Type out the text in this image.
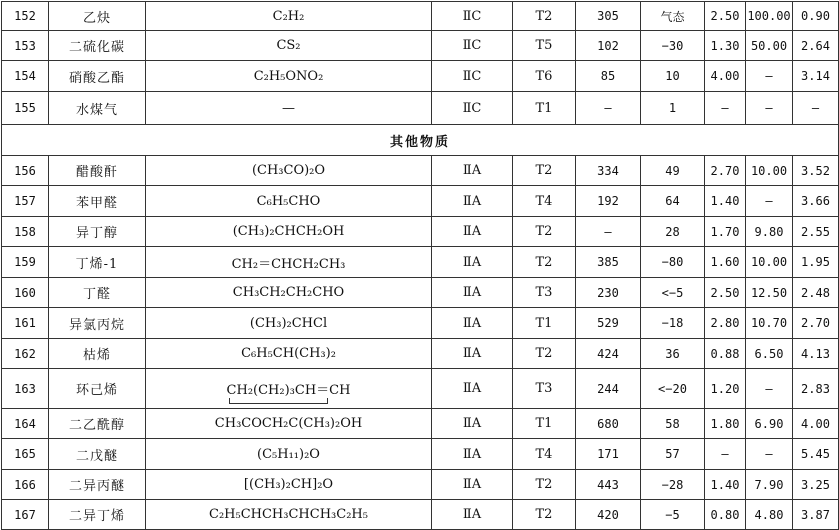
152	乙炔	C₂H₂	ⅡC	T2	305	气态	2.50	100.00	0.90
153	二硫化碳	CS₂	ⅡC	T5	102	−30	1.30	50.00	2.64
154	硝酸乙酯	C₂H₅ONO₂	ⅡC	T6	85	10	4.00	—	3.14
155	水煤气	—	ⅡC	T1	—	1	—	—	—
其他物质									
156	醋酸酐	(CH₃CO)₂O	ⅡA	T2	334	49	2.70	10.00	3.52
157	苯甲醛	C₆H₅CHO	ⅡA	T4	192	64	1.40	—	3.66
158	异丁醇	(CH₃)₂CHCH₂OH	ⅡA	T2	—	28	1.70	9.80	2.55
159	丁烯-1	CH₂＝CHCH₂CH₃	ⅡA	T2	385	−80	1.60	10.00	1.95
160	丁醛	CH₃CH₂CH₂CHO	ⅡA	T3	230	<−5	2.50	12.50	2.48
161	异氯丙烷	(CH₃)₂CHCl	ⅡA	T1	529	−18	2.80	10.70	2.70
162	枯烯	C₆H₅CH(CH₃)₂	ⅡA	T2	424	36	0.88	6.50	4.13
163	环己烯	CH₂(CH₂)₃CH＝CH	ⅡA	T3	244	<−20	1.20	—	2.83
164	二乙酰醇	CH₃COCH₂C(CH₃)₂OH	ⅡA	T1	680	58	1.80	6.90	4.00
165	二戊醚	(C₅H₁₁)₂O	ⅡA	T4	171	57	—	—	5.45
166	二异丙醚	[(CH₃)₂CH]₂O	ⅡA	T2	443	−28	1.40	7.90	3.25
167	二异丁烯	C₂H₅CHCH₃CHCH₃C₂H₅	ⅡA	T2	420	−5	0.80	4.80	3.87
